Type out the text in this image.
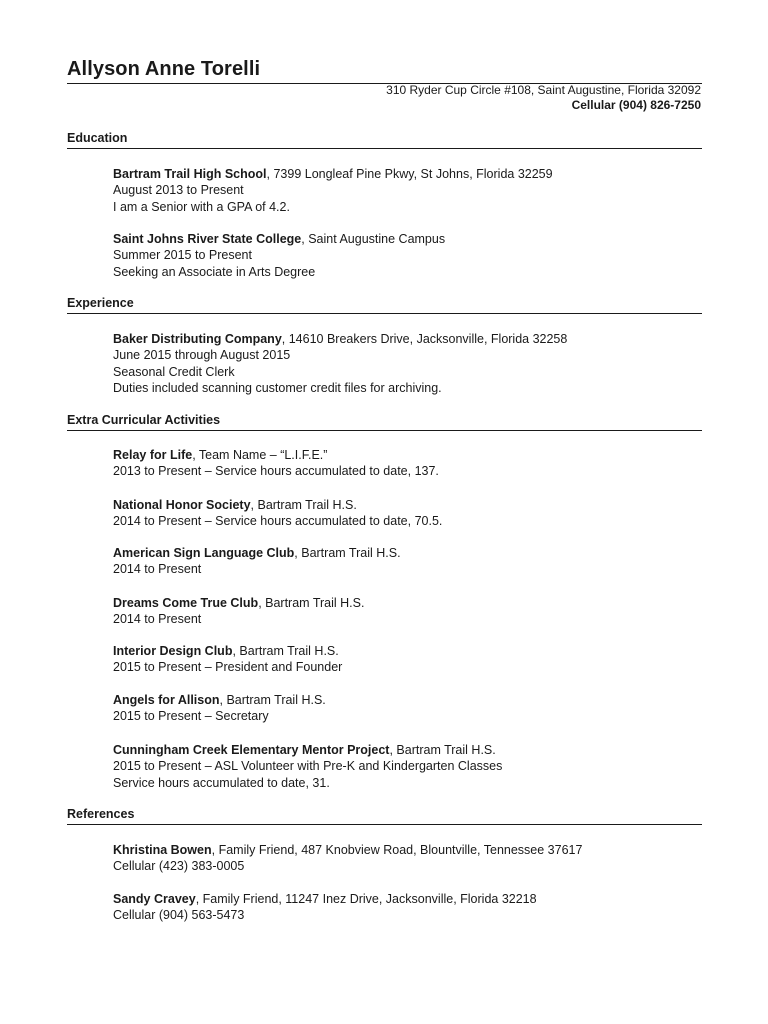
Allyson Anne Torelli
310 Ryder Cup Circle #108, Saint Augustine, Florida 32092
Cellular (904) 826-7250
Education
Bartram Trail High School, 7399 Longleaf Pine Pkwy, St Johns, Florida 32259
August 2013 to Present
I am a Senior with a GPA of 4.2.
Saint Johns River State College, Saint Augustine Campus
Summer 2015 to Present
Seeking an Associate in Arts Degree
Experience
Baker Distributing Company, 14610 Breakers Drive, Jacksonville, Florida 32258
June 2015 through August 2015
Seasonal Credit Clerk
Duties included scanning customer credit files for archiving.
Extra Curricular Activities
Relay for Life, Team Name – “L.I.F.E.”
2013 to Present – Service hours accumulated to date, 137.
National Honor Society, Bartram Trail H.S.
2014 to Present – Service hours accumulated to date, 70.5.
American Sign Language Club, Bartram Trail H.S.
2014 to Present
Dreams Come True Club, Bartram Trail H.S.
2014 to Present
Interior Design Club, Bartram Trail H.S.
2015 to Present – President and Founder
Angels for Allison, Bartram Trail H.S.
2015 to Present – Secretary
Cunningham Creek Elementary Mentor Project, Bartram Trail H.S.
2015 to Present – ASL Volunteer with Pre-K and Kindergarten Classes
Service hours accumulated to date, 31.
References
Khristina Bowen, Family Friend, 487 Knobview Road, Blountville, Tennessee 37617
Cellular (423) 383-0005
Sandy Cravey, Family Friend, 11247 Inez Drive, Jacksonville, Florida 32218
Cellular (904) 563-5473
